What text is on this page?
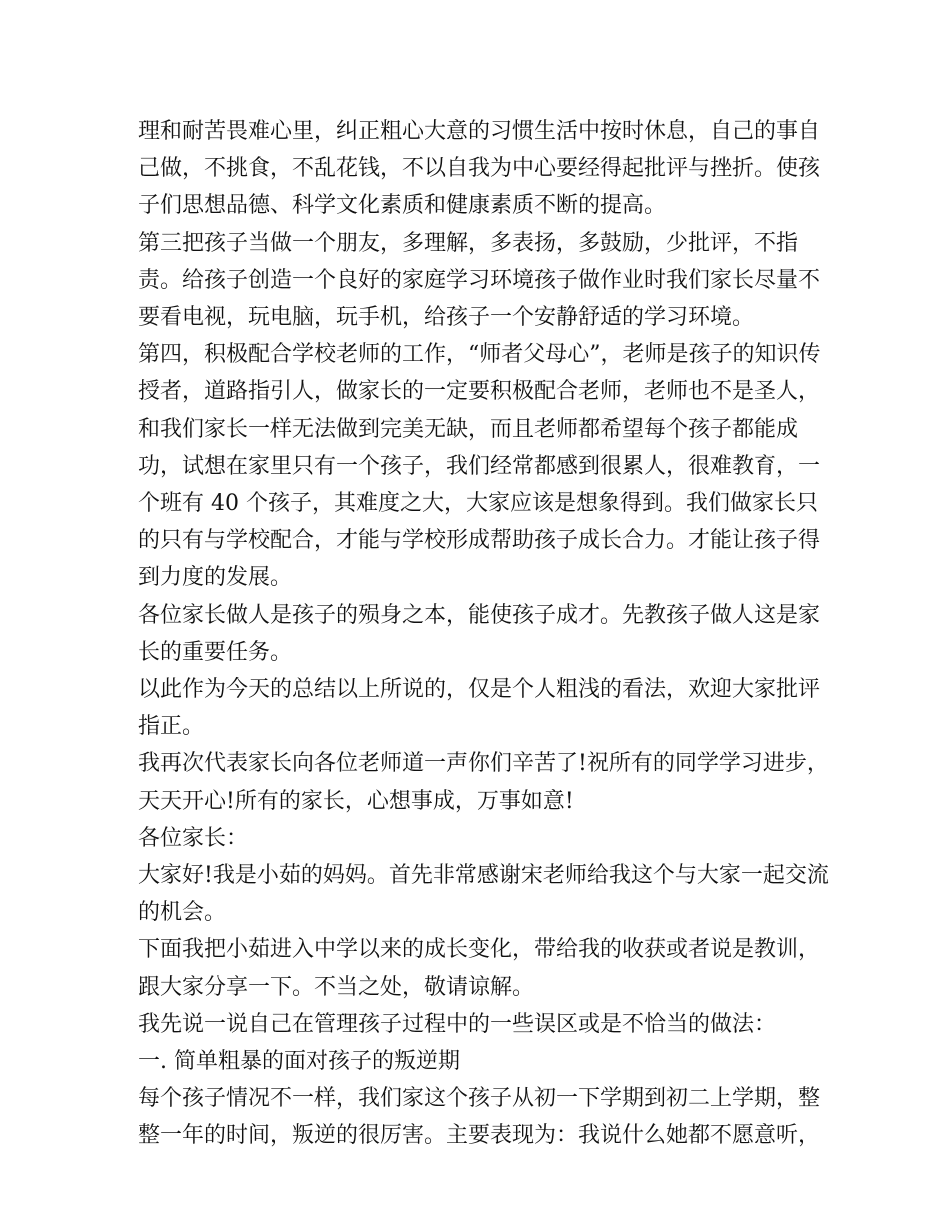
理和耐苦畏难心里，纠正粗心大意的习惯生活中按时休息，自己的事自己做，不挑食，不乱花钱，不以自我为中心要经得起批评与挫折。使孩子们思想品德、科学文化素质和健康素质不断的提高。

第三把孩子当做一个朋友，多理解，多表扬，多鼓励，少批评，不指责。给孩子创造一个良好的家庭学习环境孩子做作业时我们家长尽量不要看电视，玩电脑，玩手机，给孩子一个安静舒适的学习环境。

第四，积极配合学校老师的工作，“师者父母心”，老师是孩子的知识传授者，道路指引人，做家长的一定要积极配合老师，老师也不是圣人，和我们家长一样无法做到完美无缺，而且老师都希望每个孩子都能成功，试想在家里只有一个孩子，我们经常都感到很累人，很难教育，一个班有 40 个孩子，其难度之大，大家应该是想象得到。我们做家长只的只有与学校配合，才能与学校形成帮助孩子成长合力。才能让孩子得到力度的发展。

各位家长做人是孩子的殒身之本，能使孩子成才。先教孩子做人这是家长的重要任务。

以此作为今天的总结以上所说的，仅是个人粗浅的看法，欢迎大家批评指正。

我再次代表家长向各位老师道一声你们辛苦了!祝所有的同学学习进步，天天开心!所有的家长，心想事成，万事如意!

各位家长：

大家好!我是小茹的妈妈。首先非常感谢宋老师给我这个与大家一起交流的机会。

下面我把小茹进入中学以来的成长变化，带给我的收获或者说是教训，跟大家分享一下。不当之处，敬请谅解。

我先说一说自己在管理孩子过程中的一些误区或是不恰当的做法：

一. 简单粗暴的面对孩子的叛逆期

每个孩子情况不一样，我们家这个孩子从初一下学期到初二上学期，整整一年的时间，叛逆的很厉害。主要表现为：我说什么她都不愿意听，
